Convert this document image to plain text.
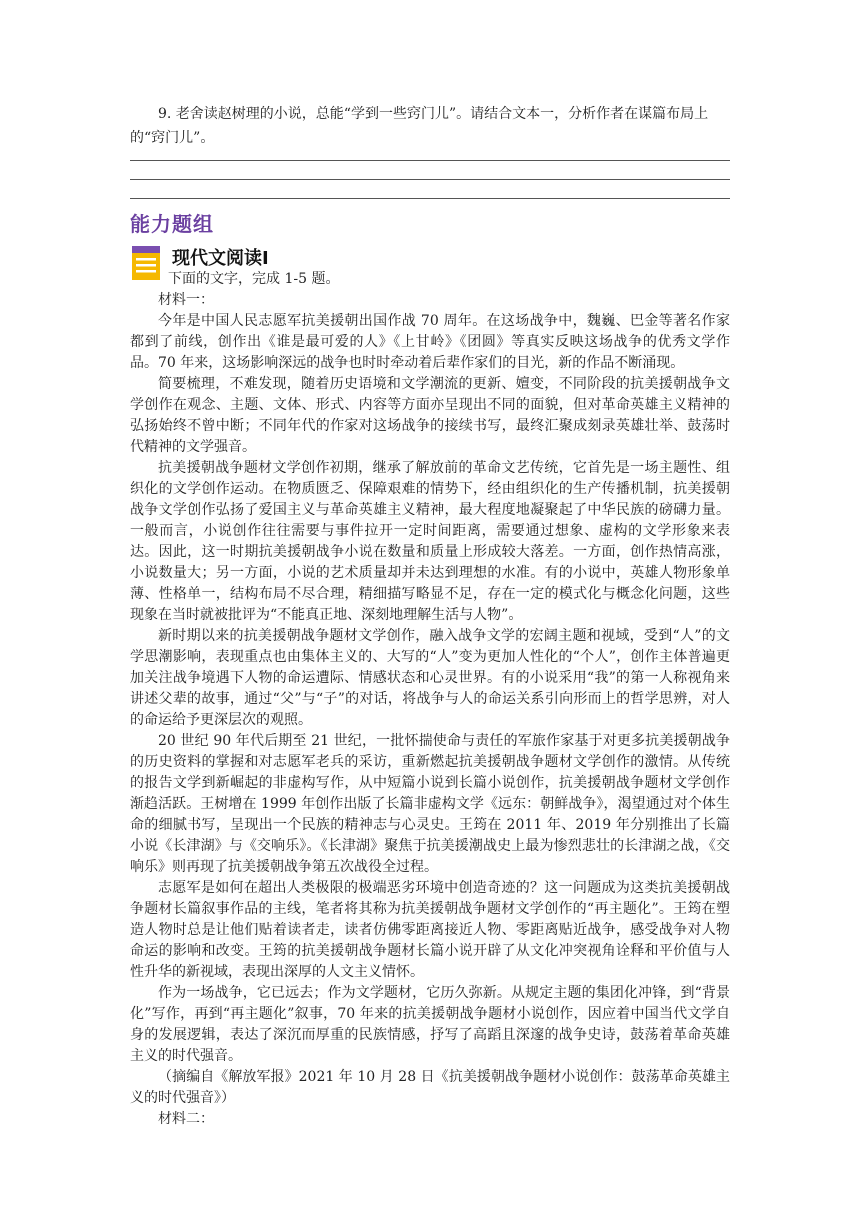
9. 老舍读赵树理的小说，总能“学到一些窍门儿”。请结合文本一，分析作者在谋篇布局上的“窍门儿”。
能力题组
现代文阅读Ⅰ
下面的文字，完成 1-5 题。

材料一：

今年是中国人民志愿军抗美援朝出国作战 70 周年。在这场战争中，魏巍、巴金等著名作家都到了前线，创作出《谁是最可爱的人》《上甘岭》《团圆》等真实反映这场战争的优秀文学作品。70 年来，这场影响深远的战争也时时牵动着后辈作家们的目光，新的作品不断涌现。

简要梳理，不难发现，随着历史语境和文学潮流的更新、嬗变，不同阶段的抗美援朝战争文学创作在观念、主题、文体、形式、内容等方面亦呈现出不同的面貌，但对革命英雄主义精神的弘扬始终不曾中断；不同年代的作家对这场战争的接续书写，最终汇聚成刻录英雄壮举、鼓荡时代精神的文学强音。

抗美援朝战争题材文学创作初期，继承了解放前的革命文艺传统，它首先是一场主题性、组织化的文学创作运动。在物质匮乏、保障艰难的情势下，经由组织化的生产传播机制，抗美援朝战争文学创作弘扬了爱国主义与革命英雄主义精神，最大程度地凝聚起了中华民族的磅礴力量。一般而言，小说创作往往需要与事件拉开一定时间距离，需要通过想象、虚构的文学形象来表达。因此，这一时期抗美援朝战争小说在数量和质量上形成较大落差。一方面，创作热情高涨，小说数量大；另一方面，小说的艺术质量却并未达到理想的水准。有的小说中，英雄人物形象单薄、性格单一，结构布局不尽合理，精细描写略显不足，存在一定的模式化与概念化问题，这些现象在当时就被批评为“不能真正地、深刻地理解生活与人物”。

新时期以来的抗美援朝战争题材文学创作，融入战争文学的宏阔主题和视域，受到“人”的文学思潮影响，表现重点也由集体主义的、大写的“人”变为更加人性化的“个人”，创作主体普遍更加关注战争境遇下人物的命运遭际、情感状态和心灵世界。有的小说采用“我”的第一人称视角来讲述父辈的故事，通过“父”与“子”的对话，将战争与人的命运关系引向形而上的哲学思辨，对人的命运给予更深层次的观照。

20 世纪 90 年代后期至 21 世纪，一批怀揣使命与责任的军旅作家基于对更多抗美援朝战争的历史资料的掌握和对志愿军老兵的采访，重新燃起抗美援朝战争题材文学创作的激情。从传统的报告文学到新崛起的非虚构写作，从中短篇小说到长篇小说创作，抗美援朝战争题材文学创作渐趋活跃。王树增在 1999 年创作出版了长篇非虚构文学《远东：朝鲜战争》，渴望通过对个体生命的细腻书写，呈现出一个民族的精神志与心灵史。王筠在 2011 年、2019 年分别推出了长篇小说《长津湖》与《交响乐》。《长津湖》聚焦于抗美援潮战史上最为惨烈悲壮的长津湖之战，《交响乐》则再现了抗美援朝战争第五次战役全过程。

志愿军是如何在超出人类极限的极端恶劣环境中创造奇迹的？这一问题成为这类抗美援朝战争题材长篇叙事作品的主线，笔者将其称为抗美援朝战争题材文学创作的“再主题化”。王筠在塑造人物时总是让他们贴着读者走，读者仿佛零距离接近人物、零距离贴近战争，感受战争对人物命运的影响和改变。王筠的抗美援朝战争题材长篇小说开辟了从文化冲突视角诠释和平价值与人性升华的新视域，表现出深厚的人文主义情怀。

作为一场战争，它已远去；作为文学题材，它历久弥新。从规定主题的集团化冲锋，到“背景化”写作，再到“再主题化”叙事，70 年来的抗美援朝战争题材小说创作，因应着中国当代文学自身的发展逻辑，表达了深沉而厚重的民族情感，抒写了高蹈且深邃的战争史诗，鼓荡着革命英雄主义的时代强音。

（摘编自《解放军报》2021 年 10 月 28 日《抗美援朝战争题材小说创作：鼓荡革命英雄主义的时代强音》）

材料二：
